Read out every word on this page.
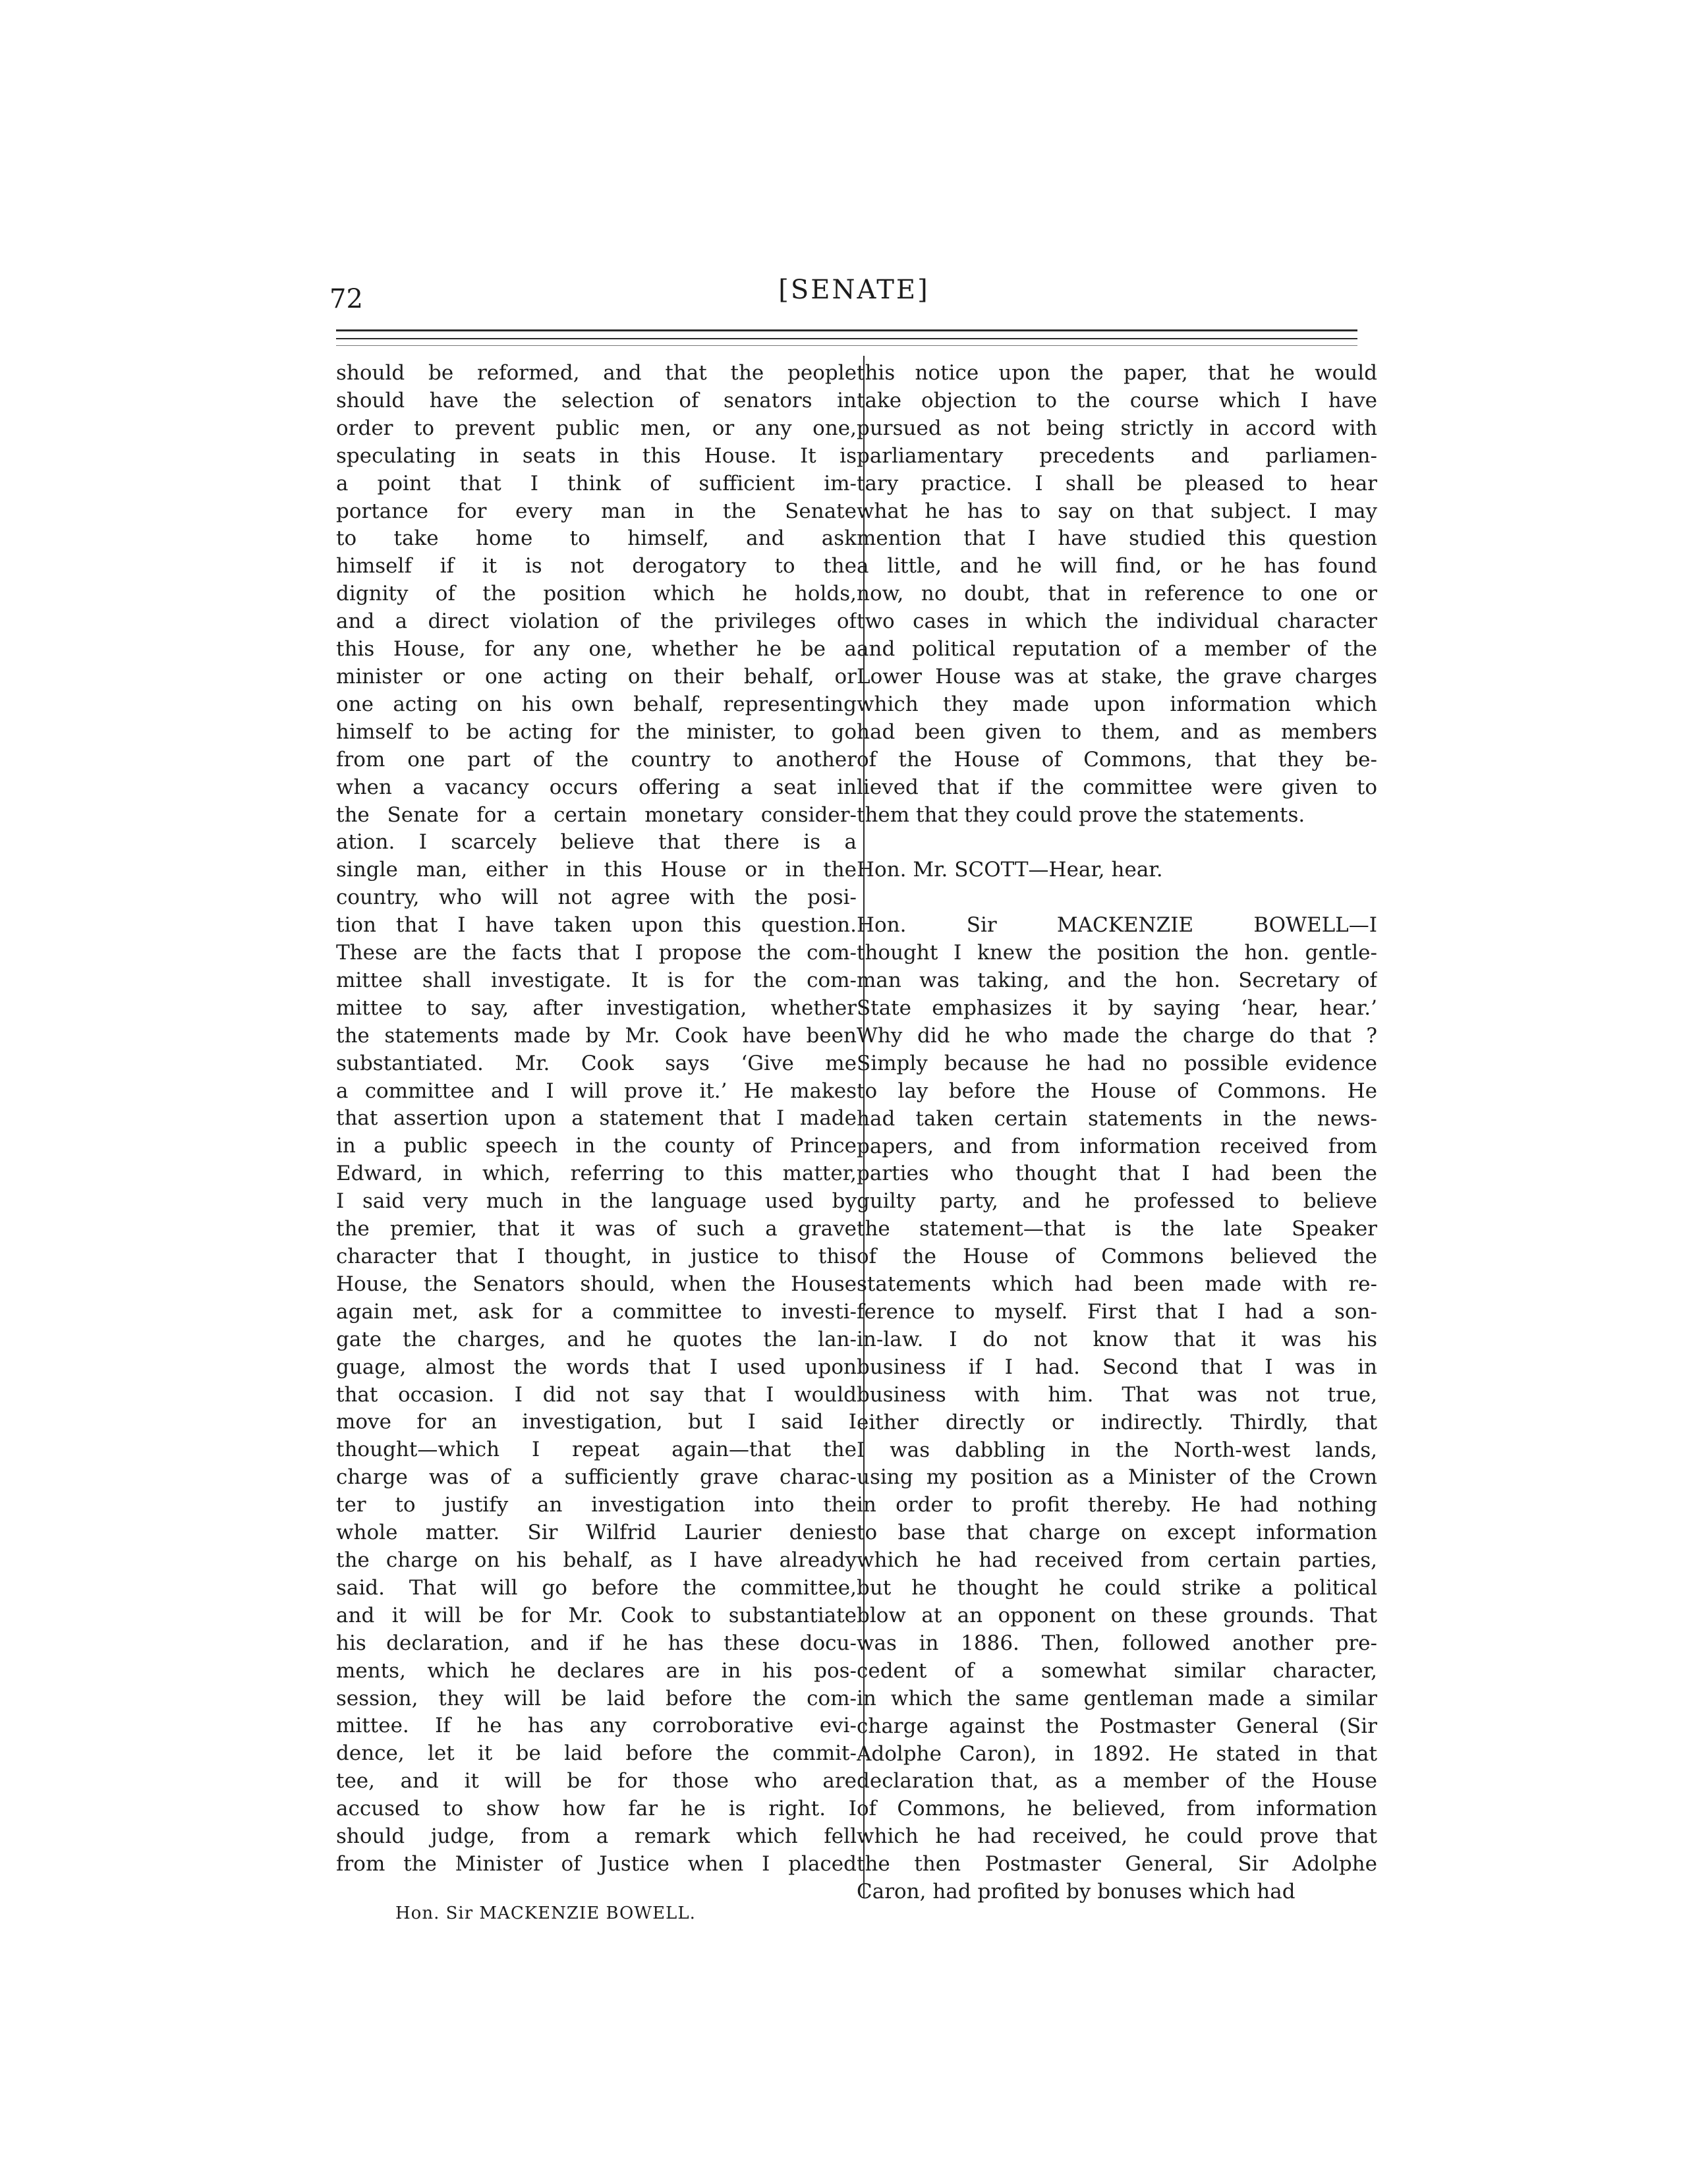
72	[SENATE]
should be reformed, and that the people
should have the selection of senators in
order to prevent public men, or any one,
speculating in seats in this House. It is
a point that I think of sufficient im-
portance for every man in the Senate
to take home to himself, and ask
himself if it is not derogatory to the
dignity of the position which he holds,
and a direct violation of the privileges of
this House, for any one, whether he be a
minister or one acting on their behalf, or
one acting on his own behalf, representing
himself to be acting for the minister, to go
from one part of the country to another
when a vacancy occurs offering a seat in
the Senate for a certain monetary consider-
ation. I scarcely believe that there is a
single man, either in this House or in the
country, who will not agree with the posi-
tion that I have taken upon this question.
These are the facts that I propose the com-
mittee shall investigate. It is for the com-
mittee to say, after investigation, whether
the statements made by Mr. Cook have been
substantiated. Mr. Cook says ‘Give me
a committee and I will prove it.’ He makes
that assertion upon a statement that I made
in a public speech in the county of Prince
Edward, in which, referring to this matter,
I said very much in the language used by
the premier, that it was of such a grave
character that I thought, in justice to this
House, the Senators should, when the House
again met, ask for a committee to investi-
gate the charges, and he quotes the lan-
guage, almost the words that I used upon
that occasion. I did not say that I would
move for an investigation, but I said I
thought—which I repeat again—that the
charge was of a sufficiently grave charac-
ter to justify an investigation into the
whole matter. Sir Wilfrid Laurier denies
the charge on his behalf, as I have already
said. That will go before the committee,
and it will be for Mr. Cook to substantiate
his declaration, and if he has these docu-
ments, which he declares are in his pos-
session, they will be laid before the com-
mittee. If he has any corroborative evi-
dence, let it be laid before the commit-
tee, and it will be for those who are
accused to show how far he is right. I
should judge, from a remark which fell
from the Minister of Justice when I placed

this notice upon the paper, that he would
take objection to the course which I have
pursued as not being strictly in accord with
parliamentary precedents and parliamen-
tary practice. I shall be pleased to hear
what he has to say on that subject. I may
mention that I have studied this question
a little, and he will find, or he has found
now, no doubt, that in reference to one or
two cases in which the individual character
and political reputation of a member of the
Lower House was at stake, the grave charges
which they made upon information which
had been given to them, and as members
of the House of Commons, that they be-
lieved that if the committee were given to
them that they could prove the statements.

Hon. Mr. SCOTT—Hear, hear.

Hon. Sir MACKENZIE BOWELL—I
thought I knew the position the hon. gentle-
man was taking, and the hon. Secretary of
State emphasizes it by saying ‘hear, hear.’
Why did he who made the charge do that ?
Simply because he had no possible evidence
to lay before the House of Commons. He
had taken certain statements in the news-
papers, and from information received from
parties who thought that I had been the
guilty party, and he professed to believe
the statement—that is the late Speaker
of the House of Commons believed the
statements which had been made with re-
ference to myself. First that I had a son-
in-law. I do not know that it was his
business if I had. Second that I was in
business with him. That was not true,
either directly or indirectly. Thirdly, that
I was dabbling in the North-west lands,
using my position as a Minister of the Crown
in order to profit thereby. He had nothing
to base that charge on except information
which he had received from certain parties,
but he thought he could strike a political
blow at an opponent on these grounds. That
was in 1886. Then, followed another pre-
cedent of a somewhat similar character,
in which the same gentleman made a similar
charge against the Postmaster General (Sir
Adolphe Caron), in 1892. He stated in that
declaration that, as a member of the House
of Commons, he believed, from information
which he had received, he could prove that
the then Postmaster General, Sir Adolphe
Caron, had profited by bonuses which had

Hon. Sir MACKENZIE BOWELL.
